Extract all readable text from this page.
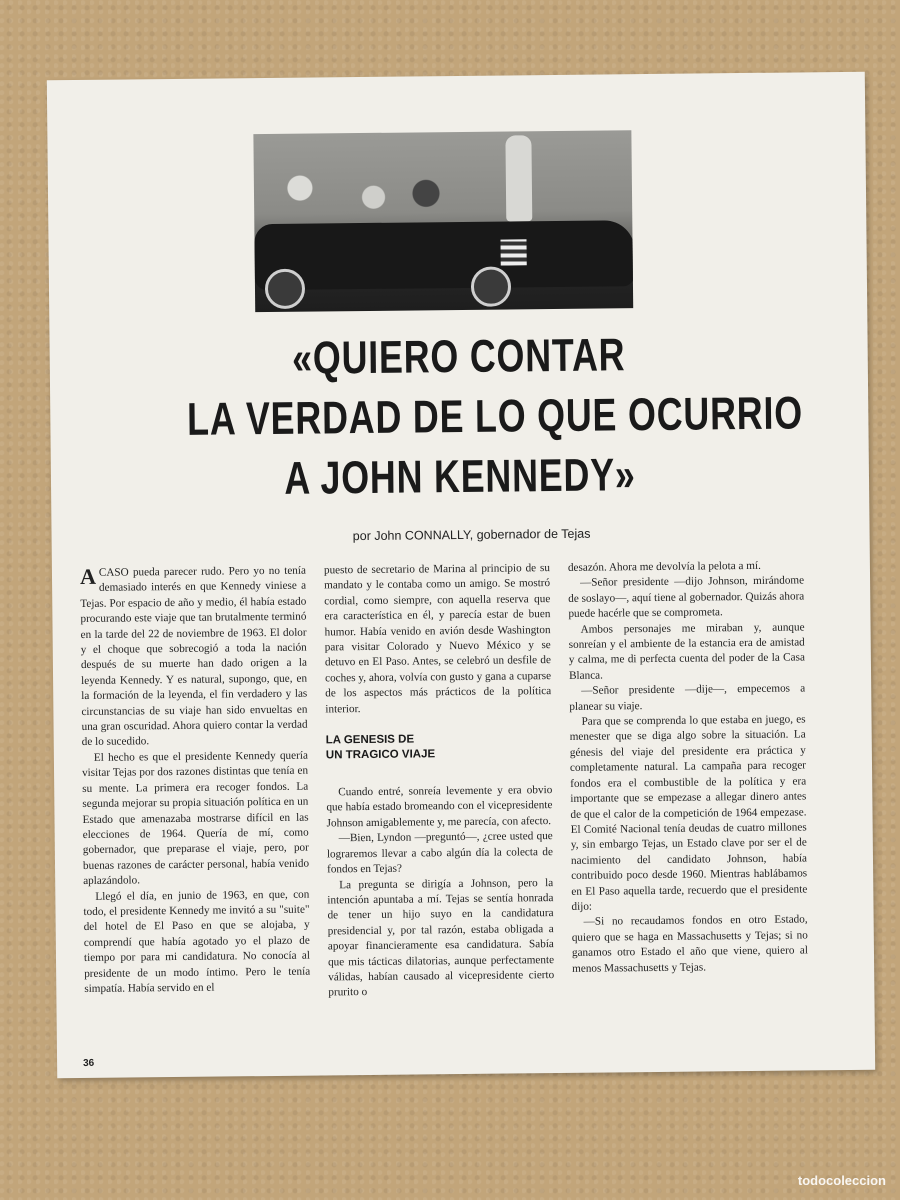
«QUIERO CONTAR
LA VERDAD DE LO QUE OCURRIO
A JOHN KENNEDY»
por John CONNALLY, gobernador de Tejas

ACASO pueda parecer rudo. Pero yo no tenía demasiado interés en que Kennedy viniese a Tejas. Por espacio de año y medio, él había estado procurando este viaje que tan brutalmente terminó en la tarde del 22 de noviembre de 1963. El dolor y el choque que sobrecogió a toda la nación después de su muerte han dado origen a la leyenda Kennedy. Y es natural, supongo, que, en la formación de la leyenda, el fin verdadero y las circunstancias de su viaje han sido envueltas en una gran oscuridad. Ahora quiero contar la verdad de lo sucedido.

El hecho es que el presidente Kennedy quería visitar Tejas por dos razones distintas que tenía en su mente. La primera era recoger fondos. La segunda mejorar su propia situación política en un Estado que amenazaba mostrarse difícil en las elecciones de 1964. Quería de mí, como gobernador, que preparase el viaje, pero, por buenas razones de carácter personal, había venido aplazándolo.

Llegó el día, en junio de 1963, en que, con todo, el presidente Kennedy me invitó a su "suite" del hotel de El Paso en que se alojaba, y comprendí que había agotado yo el plazo de tiempo por para mi candidatura. No conocía al presidente de un modo íntimo. Pero le tenía simpatía. Había servido en el

puesto de secretario de Marina al principio de su mandato y le contaba como un amigo. Se mostró cordial, como siempre, con aquella reserva que era característica en él, y parecía estar de buen humor. Había venido en avión desde Washington para visitar Colorado y Nuevo México y se detuvo en El Paso. Antes, se celebró un desfile de coches y, ahora, volvía con gusto y gana a cuparse de los aspectos más prácticos de la política interior.

LA GENESIS DE
UN TRAGICO VIAJE

Cuando entré, sonreía levemente y era obvio que había estado bromeando con el vicepresidente Johnson amigablemente y, me parecía, con afecto.

—Bien, Lyndon —preguntó—, ¿cree usted que lograremos llevar a cabo algún día la colecta de fondos en Tejas?

La pregunta se dirigía a Johnson, pero la intención apuntaba a mí. Tejas se sentía honrada de tener un hijo suyo en la candidatura presidencial y, por tal razón, estaba obligada a apoyar financieramente esa candidatura. Sabía que mis tácticas dilatorias, aunque perfectamente válidas, habían causado al vicepresidente cierto prurito o

desazón. Ahora me devolvía la pelota a mí.

—Señor presidente —dijo Johnson, mirándome de soslayo—, aquí tiene al gobernador. Quizás ahora puede hacérle que se comprometa.

Ambos personajes me miraban y, aunque sonreían y el ambiente de la estancia era de amistad y calma, me di perfecta cuenta del poder de la Casa Blanca.

—Señor presidente —dije—, empecemos a planear su viaje.

Para que se comprenda lo que estaba en juego, es menester que se diga algo sobre la situación. La génesis del viaje del presidente era práctica y completamente natural. La campaña para recoger fondos era el combustible de la política y era importante que se empezase a allegar dinero antes de que el calor de la competición de 1964 empezase. El Comité Nacional tenía deudas de cuatro millones y, sin embargo Tejas, un Estado clave por ser el de nacimiento del candidato Johnson, había contribuido poco desde 1960. Mientras hablábamos en El Paso aquella tarde, recuerdo que el presidente dijo:

—Si no recaudamos fondos en otro Estado, quiero que se haga en Massachusetts y Tejas; si no ganamos otro Estado el año que viene, quiero al menos Massachusetts y Tejas.

36
todocoleccion
